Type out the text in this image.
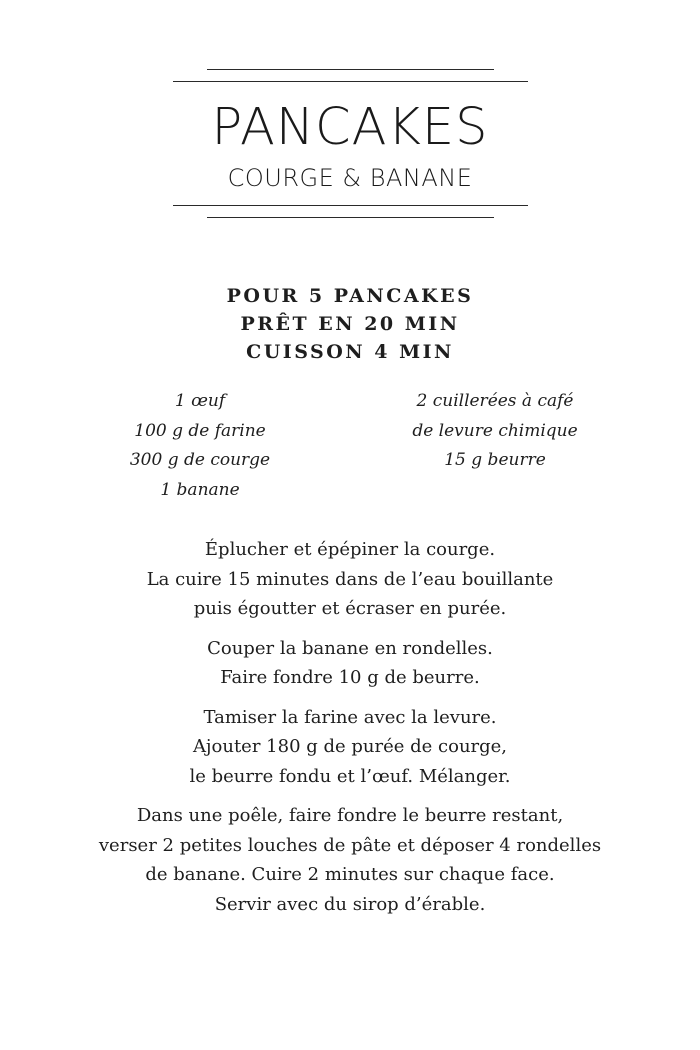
PANCAKES
COURGE & BANANE
POUR 5 PANCAKES
PRÊT EN 20 MIN
CUISSON 4 MIN
1 œuf
100 g de farine
300 g de courge
1 banane
2 cuillerées à café
de levure chimique
15 g beurre
Éplucher et épépiner la courge.
La cuire 15 minutes dans de l’eau bouillante
puis égoutter et écraser en purée.
Couper la banane en rondelles.
Faire fondre 10 g de beurre.
Tamiser la farine avec la levure.
Ajouter 180 g de purée de courge,
le beurre fondu et l’œuf. Mélanger.
Dans une poêle, faire fondre le beurre restant,
verser 2 petites louches de pâte et déposer 4 rondelles
de banane. Cuire 2 minutes sur chaque face.
Servir avec du sirop d’érable.
